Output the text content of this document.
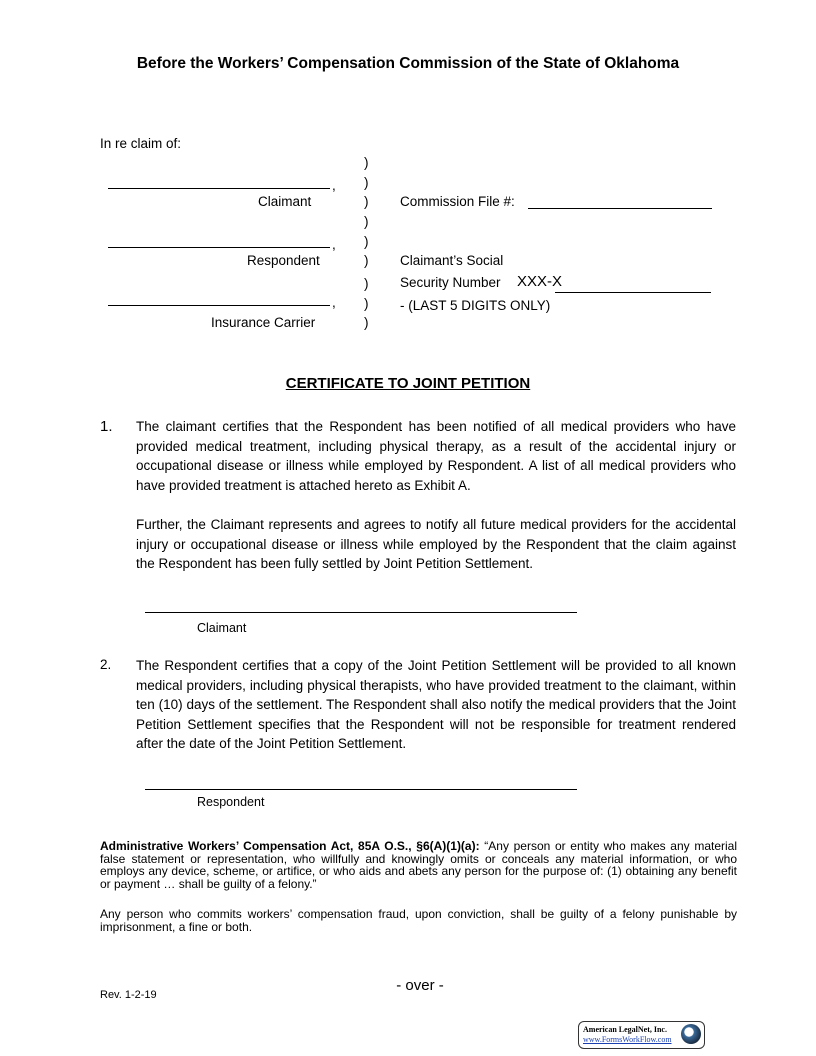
Before the Workers’ Compensation Commission of the State of Oklahoma
In re claim of:
)
)
)
)
)
)
)
)
)
,
Claimant
,
Respondent
,
Insurance Carrier
Commission File #:
Claimant’s Social
Security Number XXX-X
- (LAST 5 DIGITS ONLY)
CERTIFICATE TO JOINT PETITION
1. The claimant certifies that the Respondent has been notified of all medical providers who have provided medical treatment, including physical therapy, as a result of the accidental injury or occupational disease or illness while employed by Respondent. A list of all medical providers who have provided treatment is attached hereto as Exhibit A.
Further, the Claimant represents and agrees to notify all future medical providers for the accidental injury or occupational disease or illness while employed by the Respondent that the claim against the Respondent has been fully settled by Joint Petition Settlement.
Claimant
2. The Respondent certifies that a copy of the Joint Petition Settlement will be provided to all known medical providers, including physical therapists, who have provided treatment to the claimant, within ten (10) days of the settlement. The Respondent shall also notify the medical providers that the Joint Petition Settlement specifies that the Respondent will not be responsible for treatment rendered after the date of the Joint Petition Settlement.
Respondent
Administrative Workers’ Compensation Act, 85A O.S., §6(A)(1)(a): “Any person or entity who makes any material false statement or representation, who willfully and knowingly omits or conceals any material information, or who employs any device, scheme, or artifice, or who aids and abets any person for the purpose of: (1) obtaining any benefit or payment … shall be guilty of a felony.”
Any person who commits workers’ compensation fraud, upon conviction, shall be guilty of a felony punishable by imprisonment, a fine or both.
Rev. 1-2-19
- over -
American LegalNet, Inc.
www.FormsWorkFlow.com
